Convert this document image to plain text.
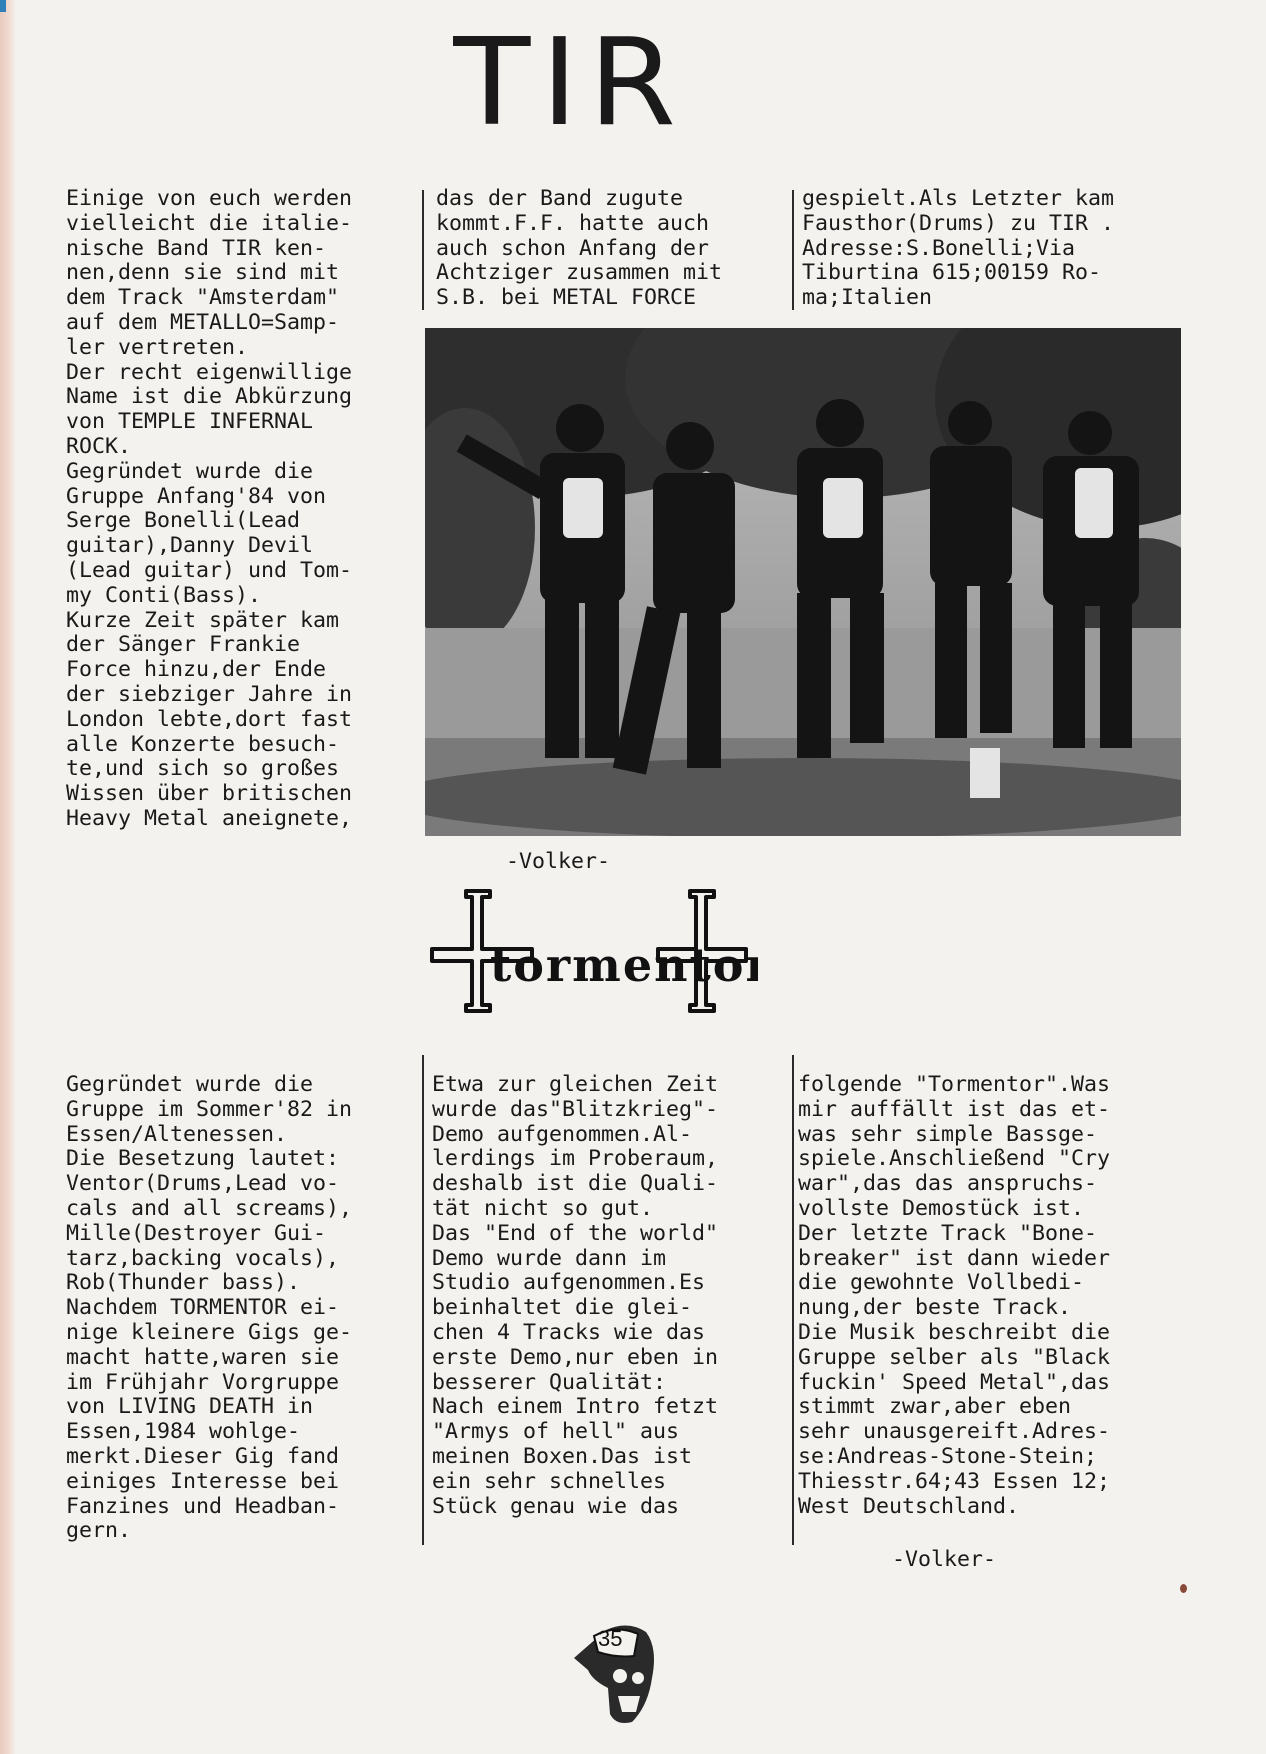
TIR
Einige von euch werden
vielleicht die italie-
nische Band TIR ken-
nen,denn sie sind mit
dem Track "Amsterdam"
auf dem METALLO=Samp-
ler vertreten.
Der recht eigenwillige
Name ist die Abkürzung
von TEMPLE INFERNAL
ROCK.
Gegründet wurde die
Gruppe Anfang'84 von
Serge Bonelli(Lead
guitar),Danny Devil
(Lead guitar) und Tom-
my Conti(Bass).
Kurze Zeit später kam
der Sänger Frankie
Force hinzu,der Ende
der siebziger Jahre in
London lebte,dort fast
alle Konzerte besuch-
te,und sich so großes
Wissen über britischen
Heavy Metal aneignete,
das der Band zugute
kommt.F.F. hatte auch
auch schon Anfang der
Achtziger zusammen mit
S.B. bei METAL FORCE
gespielt.Als Letzter kam
Fausthor(Drums) zu TIR .
Adresse:S.Bonelli;Via
Tiburtina 615;00159 Ro-
ma;Italien
-Volker-
tormentor
Gegründet wurde die
Gruppe im Sommer'82 in
Essen/Altenessen.
Die Besetzung lautet:
Ventor(Drums,Lead vo-
cals and all screams),
Mille(Destroyer Gui-
tarz,backing vocals),
Rob(Thunder bass).
Nachdem TORMENTOR ei-
nige kleinere Gigs ge-
macht hatte,waren sie
im Frühjahr Vorgruppe
von LIVING DEATH in
Essen,1984 wohlge-
merkt.Dieser Gig fand
einiges Interesse bei
Fanzines und Headban-
gern.
Etwa zur gleichen Zeit
wurde das"Blitzkrieg"-
Demo aufgenommen.Al-
lerdings im Proberaum,
deshalb ist die Quali-
tät nicht so gut.
Das "End of the world"
Demo wurde dann im
Studio aufgenommen.Es
beinhaltet die glei-
chen 4 Tracks wie das
erste Demo,nur eben in
besserer Qualität:
Nach einem Intro fetzt
"Armys of hell" aus
meinen Boxen.Das ist
ein sehr schnelles
Stück genau wie das
folgende "Tormentor".Was
mir auffällt ist das et-
was sehr simple Bassge-
spiele.Anschließend "Cry
war",das das anspruchs-
vollste Demostück ist.
Der letzte Track "Bone-
breaker" ist dann wieder
die gewohnte Vollbedi-
nung,der beste Track.
Die Musik beschreibt die
Gruppe selber als "Black
fuckin' Speed Metal",das
stimmt zwar,aber eben
sehr unausgereift.Adres-
se:Andreas-Stone-Stein;
Thiesstr.64;43 Essen 12;
West Deutschland.
-Volker-
35
